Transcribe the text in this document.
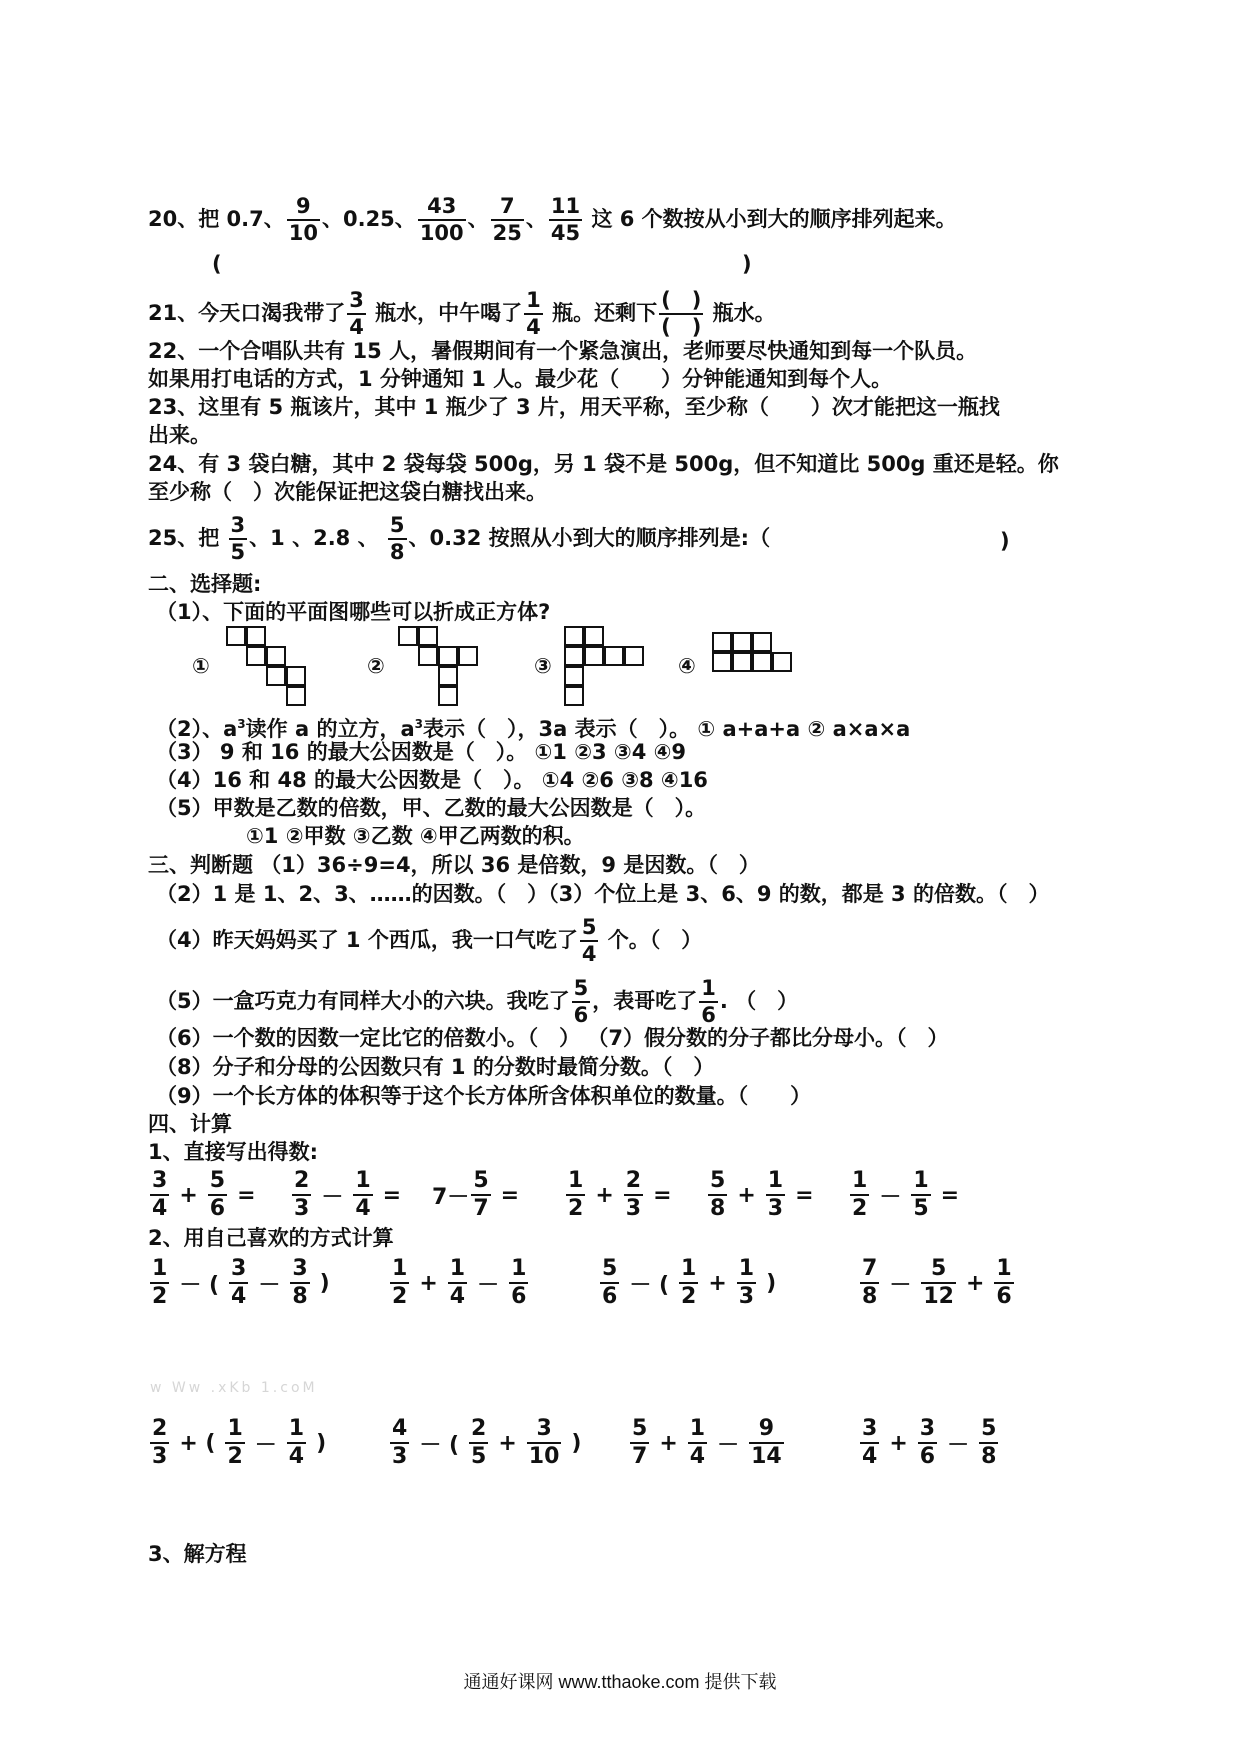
20、把 0.7、 $\frac{9}{10}$ 、0.25、 $\frac{43}{100}$ 、 $\frac{7}{25}$ 、 $\frac{11}{45}$ 这 6 个数按从小到大的顺序排列起来。
(	)
21、今天口渴我带了 $\frac{3}{4}$ 瓶水，中午喝了 $\frac{1}{4}$ 瓶。还剩下 $\frac{( )}{( )}$ 瓶水。
22、一个合唱队共有 15 人，暑假期间有一个紧急演出，老师要尽快通知到每一个队员。
如果用打电话的方式，1 分钟通知 1 人。最少花（　　）分钟能通知到每个人。
23、这里有 5 瓶该片，其中 1 瓶少了 3 片，用天平称，至少称（　　）次才能把这一瓶找
出来。
24、有 3 袋白糖，其中 2 袋每袋 500g，另 1 袋不是 500g，但不知道比 500g 重还是轻。你
至少称（　）次能保证把这袋白糖找出来。
25、把 $\frac{3}{5}$ 、1 、2.8 、 $\frac{5}{8}$ 、0.32 按照从小到大的顺序排列是:（	)
二、选择题:
（1）、下面的平面图哪些可以折成正方体?
①	②	③	④
（2）、$a^3$读作 a 的立方，$a^3$表示（　），3a 表示（　）。 ① a+a+a ② a×a×a
（3） 9 和 16 的最大公因数是（　）。 ①1 ②3 ③4 ④9
（4）16 和 48 的最大公因数是（　）。 ①4 ②6 ③8 ④16
（5）甲数是乙数的倍数，甲、乙数的最大公因数是（　）。
①1 ②甲数 ③乙数 ④甲乙两数的积。
三、判断题 （1）36÷9=4，所以 36 是倍数，9 是因数。（　）
（2）1 是 1、2、3、……的因数。（　）（3）个位上是 3、6、9 的数，都是 3 的倍数。（　）
（4）昨天妈妈买了 1 个西瓜，我一口气吃了 $\frac{5}{4}$ 个。（　）
（5）一盒巧克力有同样大小的六块。我吃了 $\frac{5}{6}$ ，表哥吃了 $\frac{1}{6}$ . （　）
（6）一个数的因数一定比它的倍数小。（　） （7）假分数的分子都比分母小。（　）
（8）分子和分母的公因数只有 1 的分数时最简分数。（　）
（9）一个长方体的体积等于这个长方体所含体积单位的数量。（　　）
四、计算
1、直接写出得数:
$\frac{3}{4} + \frac{5}{6} = \frac{2}{3} - \frac{1}{4} = 7- \frac{5}{7} = \frac{1}{2} + \frac{2}{3} = \frac{5}{8} + \frac{1}{3} = \frac{1}{2} - \frac{1}{5}$ =
2、用自己喜欢的方式计算
$\frac{1}{2}$ － ( $\frac{3}{4} - \frac{3}{8}$ )	$\frac{1}{2} + \frac{1}{4} - \frac{1}{6}$	$\frac{5}{6}$ － ( $\frac{1}{2} + \frac{1}{3}$ )	$\frac{7}{8} - \frac{5}{12} + \frac{1}{6}$
w Ww .xKb 1.coM
$\frac{2}{3}$ + ( $\frac{1}{2} - \frac{1}{4}$ )	$\frac{4}{3}$ － ( $\frac{2}{5} + \frac{3}{10}$ ) $\frac{5}{7} + \frac{1}{4} - \frac{9}{14}$	$\frac{3}{4} + \frac{3}{6} - \frac{5}{8}$
3、解方程
通通好课网 www.tthaoke.com 提供下载
